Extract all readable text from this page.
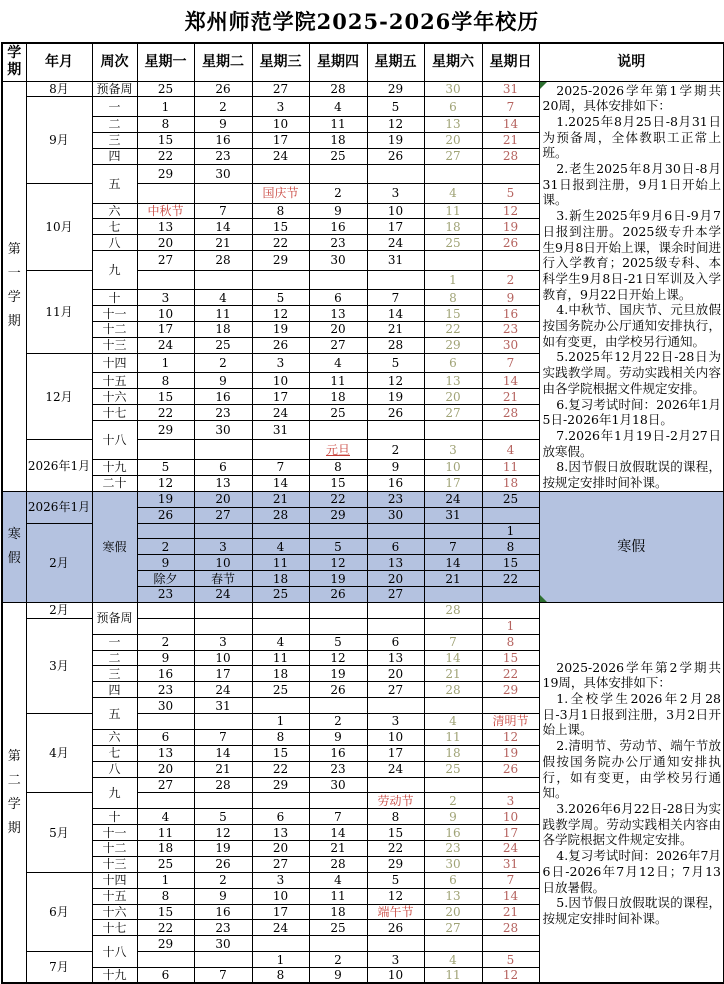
郑州师范学院2025-2026学年校历
学期	年月	周次	星期一	星期二	星期三	星期四	星期五	星期六	星期日	说明
第一学期	8月	预备周	25	26	27	28	29	30	31	2025-2026学年第1学期共20周，具体安排如下：
1.2025年8月25日-8月31日为预备周，全体教职工正常上班。
2.老生2025年8月30日-8月31日报到注册，9月1日开始上课。
3.新生2025年9月6日-9月7日报到注册。2025级专升本学生9月8日开始上课，课余时间进行入学教育；2025级专科、本科学生9月8日-21日军训及入学教育，9月22日开始上课。
4.中秋节、国庆节、元旦放假按国务院办公厅通知安排执行，如有变更，由学校另行通知。
5.2025年12月22日-28日为实践教学周。劳动实践相关内容由各学院根据文件规定安排。
6.复习考试时间：2026年1月5日-2026年1月18日。
7.2026年1月19日-2月27日放寒假。
8.因节假日放假耽误的课程，按规定安排时间补课。

	9月	一	1	2	3	4	5	6	7	
		二	8	9	10	11	12	13	14	
		三	15	16	17	18	19	20	21	
		四	22	23	24	25	26	27	28	
		五	29	30						
	10月				国庆节	2	3	4	5	
		六	中秋节	7	8	9	10	11	12	
		七	13	14	15	16	17	18	19	
		八	20	21	22	23	24	25	26	
		九	27	28	29	30	31			
	11月							1	2	
		十	3	4	5	6	7	8	9	
		十一	10	11	12	13	14	15	16	
		十二	17	18	19	20	21	22	23	
		十三	24	25	26	27	28	29	30	
	12月	十四	1	2	3	4	5	6	7	
		十五	8	9	10	11	12	13	14	
		十六	15	16	17	18	19	20	21	
		十七	22	23	24	25	26	27	28	
		十八	29	30	31					
	2026年1月					元旦	2	3	4	
		十九	5	6	7	8	9	10	11	
		二十	12	13	14	15	16	17	18	
寒假	2026年1月	寒假	19	20	21	22	23	24	25	寒假

			26	27	28	29	30	31		
	2月								1	
			2	3	4	5	6	7	8	
			9	10	11	12	13	14	15	
			除夕	春节	18	19	20	21	22	
			23	24	25	26	27			
第二学期	2月	预备周						28		
2025-2026学年第2学期共19周，具体安排如下：
1.全校学生2026年2月28日-3月1日报到注册，3月2日开始上课。
2.清明节、劳动节、端午节放假按国务院办公厅通知安排执行，如有变更，由学校另行通知。
3.2026年6月22日-28日为实践教学周。劳动实践相关内容由各学院根据文件规定安排。
4.复习考试时间：2026年7月6日-2026年7月12日；7月13日放暑假。
5.因节假日放假耽误的课程，按规定安排时间补课。

	3月								1	
		一	2	3	4	5	6	7	8	
		二	9	10	11	12	13	14	15	
		三	16	17	18	19	20	21	22	
		四	23	24	25	26	27	28	29	
		五	30	31						
	4月				1	2	3	4	清明节	
		六	6	7	8	9	10	11	12	
		七	13	14	15	16	17	18	19	
		八	20	21	22	23	24	25	26	
		九	27	28	29	30				
	5月						劳动节	2	3	
		十	4	5	6	7	8	9	10	
		十一	11	12	13	14	15	16	17	
		十二	18	19	20	21	22	23	24	
		十三	25	26	27	28	29	30	31	
	6月	十四	1	2	3	4	5	6	7	
		十五	8	9	10	11	12	13	14	
		十六	15	16	17	18	端午节	20	21	
		十七	22	23	24	25	26	27	28	
		十八	29	30						
	7月				1	2	3	4	5	
		十九	6	7	8	9	10	11	12	
